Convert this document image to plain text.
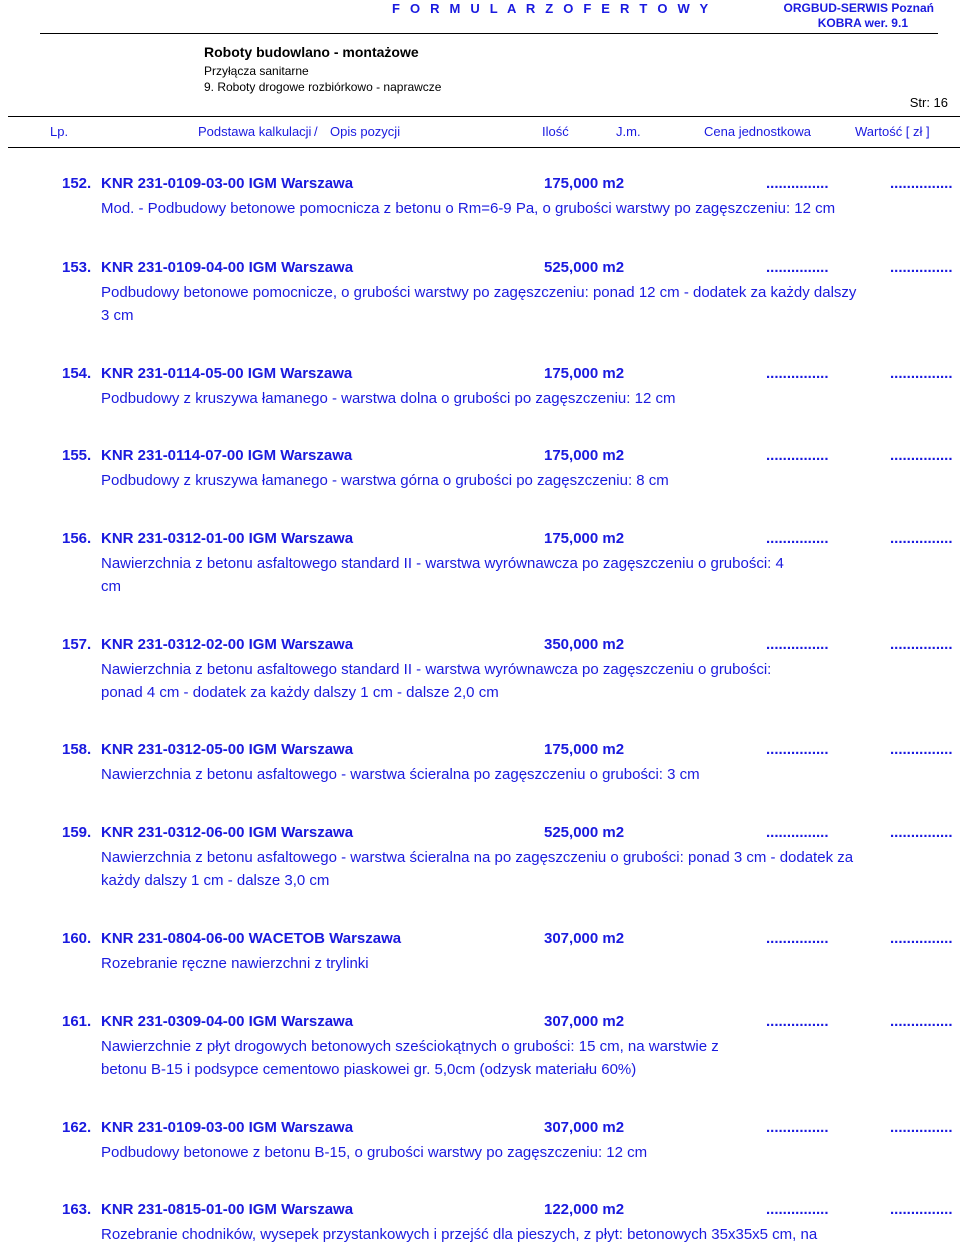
F O R M U L A R Z O F E R T O W Y	ORGBUD-SERWIS Poznań
KOBRA wer. 9.1
Roboty budowlano - montażowe
Przyłącza sanitarne
9. Roboty drogowe rozbiórkowo - naprawcze
Str: 16
Lp.	Podstawa kalkulacji / Opis pozycji	Ilość	J.m.	Cena jednostkowa	Wartość [ zł ]
152. KNR 231-0109-03-00 IGM Warszawa	175,000 m2	...............	...............
Mod. - Podbudowy betonowe pomocnicza z betonu o Rm=6-9 Pa, o grubości warstwy po zagęszczeniu: 12 cm
153. KNR 231-0109-04-00 IGM Warszawa	525,000 m2	...............	...............
Podbudowy betonowe pomocnicze, o grubości warstwy po zagęszczeniu: ponad 12 cm - dodatek za każdy dalszy
3 cm
154. KNR 231-0114-05-00 IGM Warszawa	175,000 m2	...............	...............
Podbudowy z kruszywa łamanego - warstwa dolna o grubości po zagęszczeniu: 12 cm
155. KNR 231-0114-07-00 IGM Warszawa	175,000 m2	...............	...............
Podbudowy z kruszywa łamanego - warstwa górna o grubości po zagęszczeniu: 8 cm
156. KNR 231-0312-01-00 IGM Warszawa	175,000 m2	...............	...............
Nawierzchnia z betonu asfaltowego standard II - warstwa wyrównawcza po zagęszczeniu o grubości: 4
cm
157. KNR 231-0312-02-00 IGM Warszawa	350,000 m2	...............	...............
Nawierzchnia z betonu asfaltowego standard II - warstwa wyrównawcza po zagęszczeniu o grubości:
ponad 4 cm - dodatek za każdy dalszy 1 cm - dalsze 2,0 cm
158. KNR 231-0312-05-00 IGM Warszawa	175,000 m2	...............	...............
Nawierzchnia z betonu asfaltowego - warstwa ścieralna po zagęszczeniu o grubości: 3 cm
159. KNR 231-0312-06-00 IGM Warszawa	525,000 m2	...............	...............
Nawierzchnia z betonu asfaltowego - warstwa ścieralna na po zagęszczeniu o grubości: ponad 3 cm - dodatek za
każdy dalszy 1 cm - dalsze 3,0 cm
160. KNR 231-0804-06-00 WACETOB Warszawa	307,000 m2	...............	...............
Rozebranie ręczne nawierzchni z trylinki
161. KNR 231-0309-04-00 IGM Warszawa	307,000 m2	...............	...............
Nawierzchnie z płyt drogowych betonowych sześciokątnych o grubości: 15 cm, na warstwie z
betonu B-15 i podsypce cementowo piaskowei gr. 5,0cm (odzysk materiału 60%)
162. KNR 231-0109-03-00 IGM Warszawa	307,000 m2	...............	...............
Podbudowy betonowe z betonu B-15, o grubości warstwy po zagęszczeniu: 12 cm
163. KNR 231-0815-01-00 IGM Warszawa	122,000 m2	...............	...............
Rozebranie chodników, wysepek przystankowych i przejść dla pieszych, z płyt: betonowych 35x35x5 cm, na
